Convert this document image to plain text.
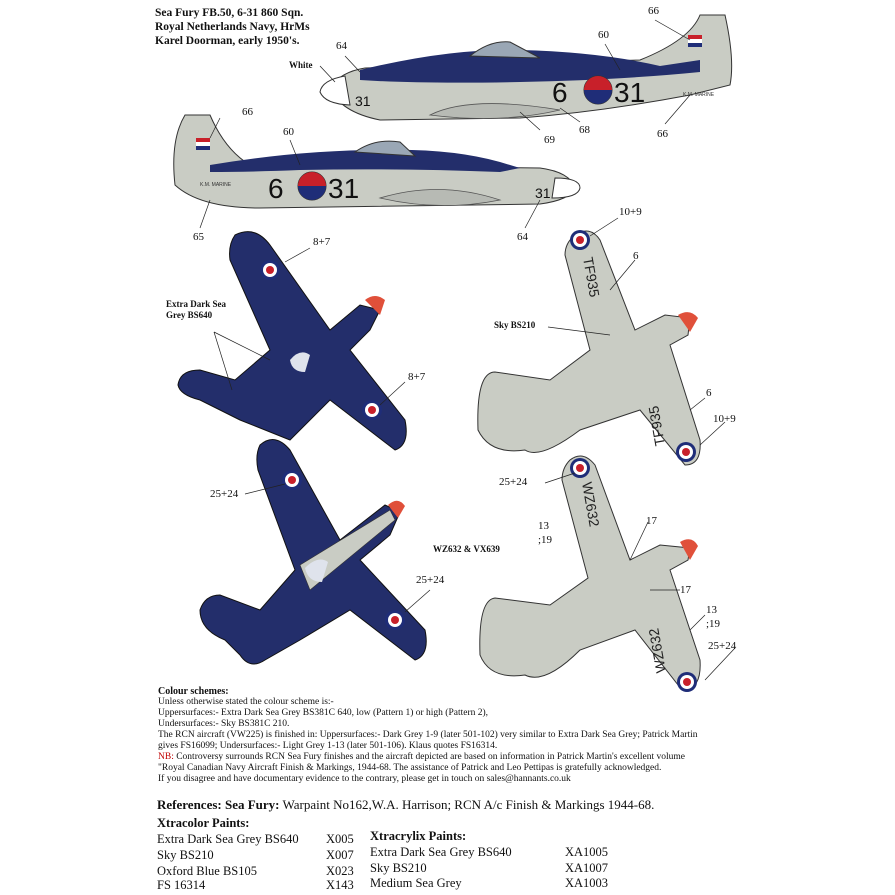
Sea Fury FB.50, 6-31 860 Sqn.
Royal Netherlands Navy, HrMs
Karel Doorman, early 1950's.
6 31
31
6 31	31
K.M. MARINE
K.M. MARINE
TF935
TF935
WZ632
WZ632
White
64
60
66
68
69	66
66
60
65	64
Extra Dark Sea
Grey BS640
8+7
8+7
25+24
25+24
WZ632 & VX639
10+9
6
Sky BS210
6
10+9
25+24
13
;19
17
17
13
;19
25+24
Colour schemes:
Unless otherwise stated the colour scheme is:-
Uppersurfaces:- Extra Dark Sea Grey BS381C 640, low (Pattern 1) or high (Pattern 2),
Undersurfaces:- Sky BS381C 210.
The RCN aircraft (VW225) is finished in: Uppersurfaces:- Dark Grey 1-9 (later 501-102) very similar to Extra Dark Sea Grey; Patrick Martin
gives FS16099; Undersurfaces:- Light Grey 1-13 (later 501-106). Klaus quotes FS16314.
NB: Controversy surrounds RCN Sea Fury finishes and the aircraft depicted are based on information in Patrick Martin's excellent volume
"Royal Canadian Navy Aircraft Finish & Markings, 1944-68. The assistance of Patrick and Leo Pettipas is gratefully acknowledged.
If you disagree and have documentary evidence to the contrary, please get in touch on sales@hannants.co.uk
References: Sea Fury: Warpaint No162,W.A. Harrison; RCN A/c Finish & Markings 1944-68.
Xtracolor Paints:
Extra Dark Sea Grey BS640 X005
Sky BS210	X007
Oxford Blue BS105	X023
FS 16314	X143
Xtracrylix Paints:
Extra Dark Sea Grey BS640	XA1005
Sky BS210	XA1007
Medium Sea Grey	XA1003
